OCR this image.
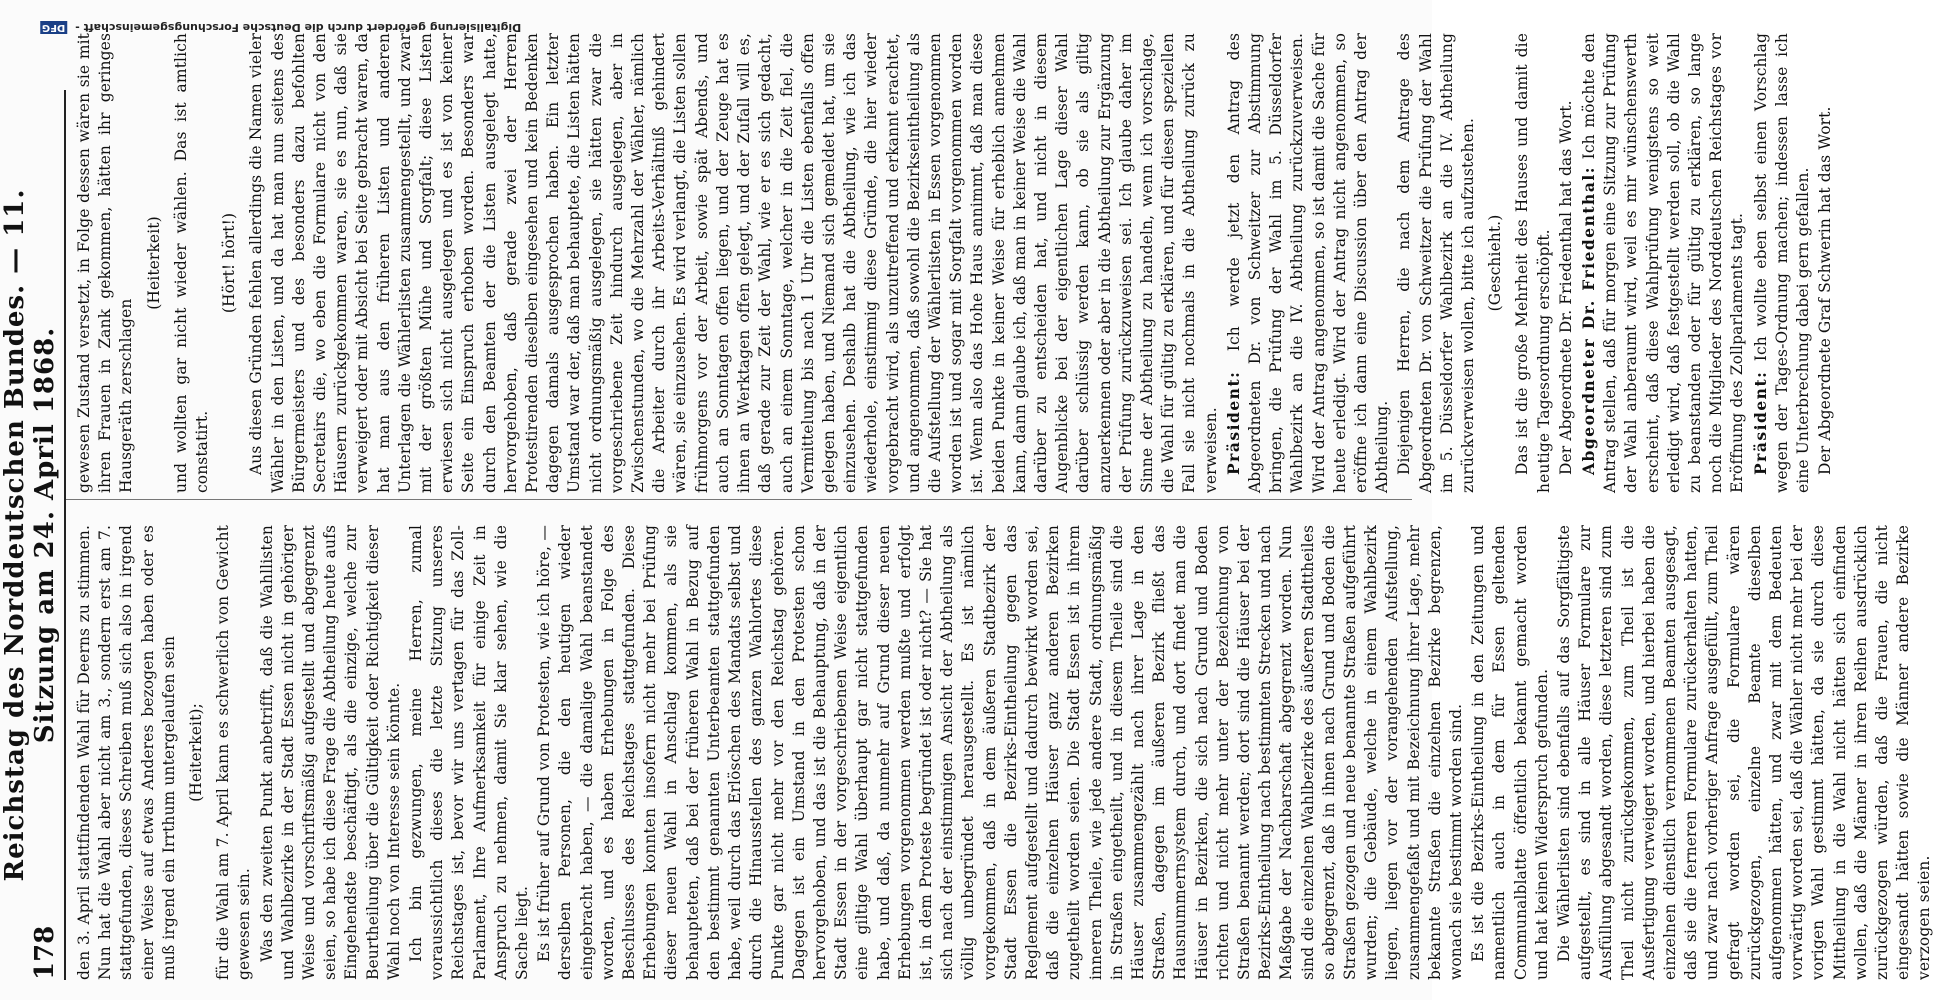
178
Reichstag des Norddeutschen Bundes. — 11. Sitzung am 24. April 1868. den 3. April stattfindenden Wahl für Deerns zu stimmen. Nun hat die Wahl aber nicht am 3., sondern erst am 7. stattgefunden, dieses Schreiben muß sich also in irgend einer Weise auf etwas Anderes bezogen haben oder es muß irgend ein Irrthum untergelaufen sein (Heiterkeit); für die Wahl am 7. April kann es schwerlich von Gewicht gewesen sein. Was den zweiten Punkt anbetrifft, daß die Wahllisten und Wahlbezirke in der Stadt Essen nicht in gehöriger Weise und vorschriftsmäßig aufgestellt und abgegrenzt seien, so habe ich diese Frage die Abtheilung heute aufs Eingehendste beschäftigt, als die einzige, welche zur Beurtheilung über die Gültigkeit oder Richtigkeit dieser Wahl noch von Interesse sein könnte. Ich bin gezwungen, meine Herren, zumal voraussichtlich dieses die letzte Sitzung unseres Reichstages ist, bevor wir uns vertagen für das Zoll-Parlament, Ihre Aufmerksamkeit für einige Zeit in Anspruch zu nehmen, damit Sie klar sehen, wie die Sache liegt. Es ist früher auf Grund von Protesten, wie ich höre, — derselben Personen, die den heutigen wieder eingebracht haben, — die damalige Wahl beanstandet worden, und es haben Erhebungen in Folge des Beschlusses des Reichstages stattgefunden. Diese Erhebungen konnten insofern nicht mehr bei Prüfung dieser neuen Wahl in Anschlag kommen, als sie behaupteten, daß bei der früheren Wahl in Bezug auf den bestimmt genannten Unterbeamten stattgefunden habe, weil durch das Erlöschen des Mandats selbst und durch die Hinausstellen des ganzen Wahlortes diese Punkte gar nicht mehr vor den Reichstag gehören. Dagegen ist ein Umstand in den Protesten schon hervorgehoben, und das ist die Behauptung, daß in der Stadt Essen in der vorgeschriebenen Weise eigentlich eine giltige Wahl überhaupt gar nicht stattgefunden habe, und daß, da nunmehr auf Grund dieser neuen Erhebungen vorgenommen werden mußte und erfolgt ist, in dem Proteste begründet ist oder nicht? — Sie hat sich nach der einstimmigen Ansicht der Abtheilung als völlig unbegründet herausgestellt. Es ist nämlich vorgekommen, daß in dem äußeren Stadtbezirk der Stadt Essen die Bezirks-Eintheilung gegen das Reglement aufgestellt und dadurch bewirkt worden sei, daß die einzelnen Häuser ganz anderen Bezirken zugetheilt worden seien. Die Stadt Essen ist in ihrem inneren Theile, wie jede andere Stadt, ordnungsmäßig in Straßen eingetheilt, und in diesem Theile sind die Häuser zusammengezählt nach ihrer Lage in den Straßen, dagegen im äußeren Bezirk fließt das Hausnummernsystem durch, und dort findet man die Häuser in Bezirken, die sich nach Grund und Boden richten und nicht mehr unter der Bezeichnung von Straßen benannt werden; dort sind die Häuser bei der Bezirks-Eintheilung nach bestimmten Strecken und nach Maßgabe der Nachbarschaft abgegrenzt worden. Nun sind die einzelnen Wahlbezirke des äußeren Stadttheiles so abgegrenzt, daß in ihnen nach Grund und Boden die Straßen gezogen und neue benannte Straßen aufgeführt wurden; die Gebäude, welche in einem Wahlbezirk liegen, liegen vor der vorangehenden Aufstellung, zusammengefaßt und mit Bezeichnung ihrer Lage, mehr bekannte Straßen die einzelnen Bezirke begrenzen, wonach sie bestimmt worden sind. Es ist die Bezirks-Eintheilung in den Zeitungen und namentlich auch in dem für Essen geltenden Communalblatte öffentlich bekannt gemacht worden und hat keinen Widerspruch gefunden. Die Wählerlisten sind ebenfalls auf das Sorgfältigste aufgestellt, es sind in alle Häuser Formulare zur Ausfüllung abgesandt worden, diese letzteren sind zum Theil nicht zurückgekommen, zum Theil ist die Ausfertigung verweigert worden, und hierbei haben die einzelnen dienstlich vernommenen Beamten ausgesagt, daß sie die ferneren Formulare zurückerhalten hatten, und zwar nach vorheriger Anfrage ausgefüllt, zum Theil gefragt worden sei, die Formulare wären zurückgezogen, einzelne Beamte dieselben aufgenommen hätten, und zwar mit dem Bedeuten vorwärtig worden sei, daß die Wähler nicht mehr bei der vorigen Wahl gestimmt hätten, da sie durch diese Mittheilung in die Wahl nicht hätten sich einfinden wollen, daß die Männer in ihren Reihen ausdrücklich zurückgezogen würden, daß die Frauen, die nicht eingesandt hätten sowie die Männer andere Bezirke verzogen seien.

gewesen Zustand versetzt, in Folge dessen wären sie mit ihren Frauen in Zank gekommen, hätten ihr geringes Hausgeräth zerschlagen

(Heiterkeit) und wollten gar nicht wieder wählen. Das ist amtlich constatirt.

(Hört! hört!) Aus diesen Gründen fehlen allerdings die Namen vieler Wähler in den Listen, und da hat man nun seitens des Bürgermeisters und des besonders dazu befohlten Secretairs die, wo eben die Formulare nicht von den Häusern zurückgekommen waren, sie es nun, daß sie verweigert oder mit Absicht bei Seite gebracht waren, da hat man aus den früheren Listen und anderen Unterlagen die Wählerlisten zusammengestellt, und zwar mit der größten Mühe und Sorgfalt; diese Listen erwiesen sich nicht ausgelegen und es ist von keiner Seite ein Einspruch erhoben worden. Besonders war durch den Beamten der die Listen ausgelegt hatte, hervorgehoben, daß gerade zwei der Herren Protestirenden dieselben eingesehen und kein Bedenken dagegen damals ausgesprochen haben. Ein letzter Umstand war der, daß man behauptete, die Listen hätten nicht ordnungsmäßig ausgelegen, sie hätten zwar die vorgeschriebene Zeit hindurch ausgelegen, aber in Zwischenstunden, wo die Mehrzahl der Wähler, nämlich die Arbeiter durch ihr Arbeits-Verhältniß gehindert wären, sie einzusehen. Es wird verlangt, die Listen sollen frühmorgens vor der Arbeit, sowie spät Abends, und auch an Sonntagen offen liegen, und der Zeuge hat es ihnen an Werktagen offen gelegt, und der Zufall will es, daß gerade zur Zeit der Wahl, wie er es sich gedacht, auch an einem Sonntage, welcher in die Zeit fiel, die Vermittelung bis nach 1 Uhr die Listen ebenfalls offen gelegen haben, und Niemand sich gemeldet hat, um sie einzusehen. Deshalb hat die Abtheilung, wie ich das wiederhole, einstimmig diese Gründe, die hier wieder vorgebracht wird, als unzutreffend und erkannt erachtet, und angenommen, daß sowohl die Bezirkseintheilung als die Aufstellung der Wählerlisten in Essen vorgenommen worden ist und sogar mit Sorgfalt vorgenommen worden ist. Wenn also das Hohe Haus annimmt, daß man diese beiden Punkte in keiner Weise für erheblich annehmen kann, dann glaube ich, daß man in keiner Weise die Wahl darüber zu entscheiden hat, und nicht in diesem Augenblicke bei der eigentlichen Lage dieser Wahl darüber schlüssig werden kann, ob sie als giltig anzuerkennen oder aber in die Abtheilung zur Ergänzung der Prüfung zurückzuweisen sei. Ich glaube daher im Sinne der Abtheilung zu handeln, wenn ich vorschlage, die Wahl für gültig zu erklären, und für diesen speziellen Fall sie nicht nochmals in die Abtheilung zurück zu verweisen. Präsident: Ich werde jetzt den Antrag des Abgeordneten Dr. von Schweitzer zur Abstimmung bringen, die Prüfung der Wahl im 5. Düsseldorfer Wahlbezirk an die IV. Abtheilung zurückzuverweisen. Wird der Antrag angenommen, so ist damit die Sache für heute erledigt. Wird der Antrag nicht angenommen, so eröffne ich dann eine Discussion über den Antrag der Abtheilung. Diejenigen Herren, die nach dem Antrage des Abgeordneten Dr. von Schweitzer die Prüfung der Wahl im 5. Düsseldorfer Wahlbezirk an die IV. Abtheilung zurückverweisen wollen, bitte ich aufzustehen. (Geschieht.) Das ist die große Mehrheit des Hauses und damit die heutige Tagesordnung erschöpft. Der Abgeordnete Dr. Friedenthal hat das Wort. Abgeordneter Dr. Friedenthal: Ich möchte den Antrag stellen, daß für morgen eine Sitzung zur Prüfung der Wahl anberaumt wird, weil es mir wünschenswerth erscheint, daß diese Wahlprüfung wenigstens so weit erledigt wird, daß festgestellt werden soll, ob die Wahl zu beanstanden oder für gültig zu erklären, so lange noch die Mitglieder des Norddeutschen Reichstages vor Eröffnung des Zollparlaments tagt. Präsident: Ich wollte eben selbst einen Vorschlag wegen der Tages-Ordnung machen; indessen lasse ich eine Unterbrechung dabei gern gefallen. Der Abgeordnete Graf Schwerin hat das Wort.

Digitalisierung gefördert durch die Deutsche Forschungsgemeinschaft - DFG
